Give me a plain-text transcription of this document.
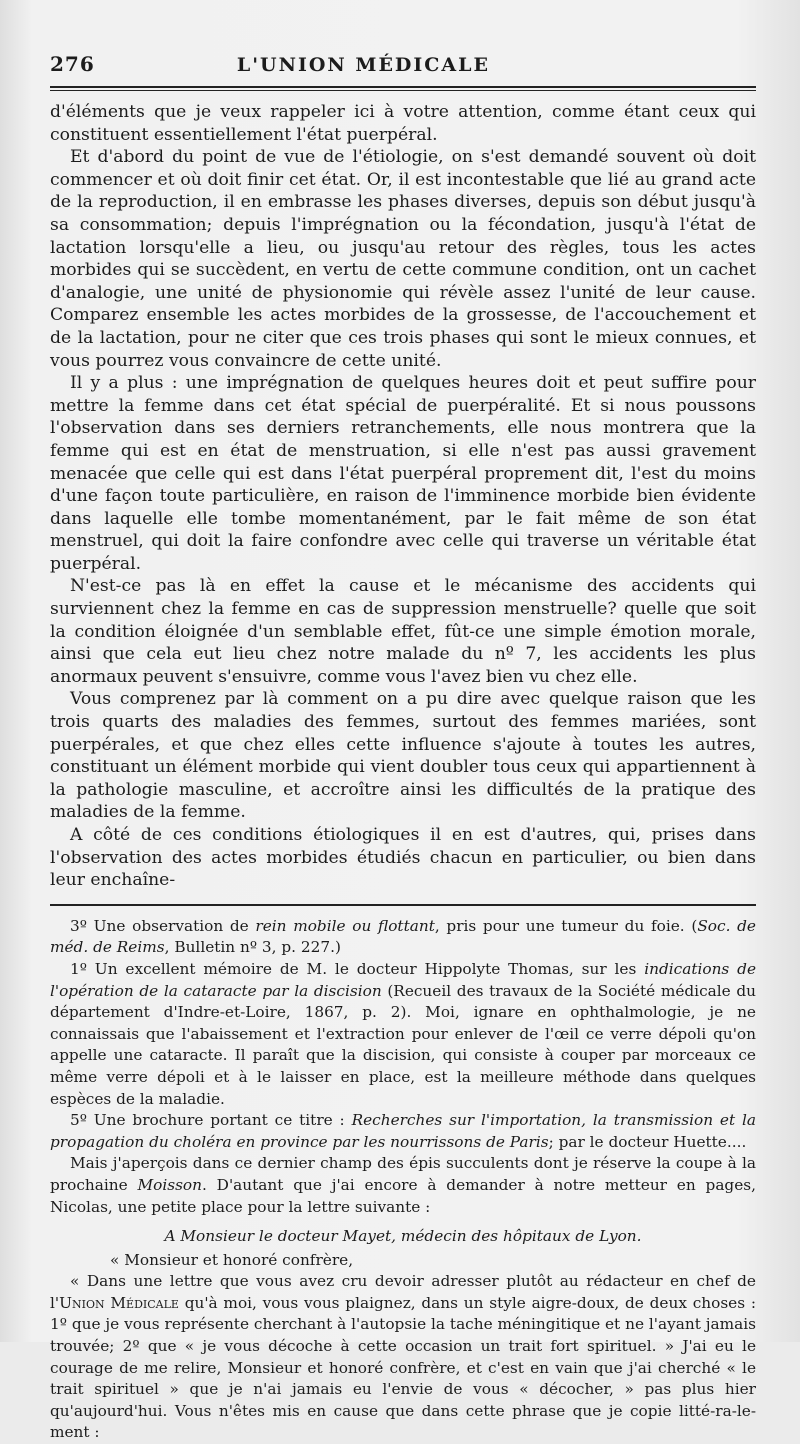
276	L'UNION MÉDICALE

d'éléments que je veux rappeler ici à votre attention, comme étant ceux qui constituent essentiellement l'état puerpéral.

Et d'abord du point de vue de l'étiologie, on s'est demandé souvent où doit commencer et où doit finir cet état. Or, il est incontestable que lié au grand acte de la reproduction, il en embrasse les phases diverses, depuis son début jusqu'à sa consommation; depuis l'imprégnation ou la fécondation, jusqu'à l'état de lactation lorsqu'elle a lieu, ou jusqu'au retour des règles, tous les actes morbides qui se succèdent, en vertu de cette commune condition, ont un cachet d'analogie, une unité de physionomie qui révèle assez l'unité de leur cause. Comparez ensemble les actes morbides de la grossesse, de l'accouchement et de la lactation, pour ne citer que ces trois phases qui sont le mieux connues, et vous pourrez vous convaincre de cette unité.

Il y a plus : une imprégnation de quelques heures doit et peut suffire pour mettre la femme dans cet état spécial de puerpéralité. Et si nous poussons l'observation dans ses derniers retranchements, elle nous montrera que la femme qui est en état de menstruation, si elle n'est pas aussi gravement menacée que celle qui est dans l'état puerpéral proprement dit, l'est du moins d'une façon toute particulière, en raison de l'imminence morbide bien évidente dans laquelle elle tombe momentanément, par le fait même de son état menstruel, qui doit la faire confondre avec celle qui traverse un véritable état puerpéral.

N'est-ce pas là en effet la cause et le mécanisme des accidents qui surviennent chez la femme en cas de suppression menstruelle? quelle que soit la condition éloignée d'un semblable effet, fût-ce une simple émotion morale, ainsi que cela eut lieu chez notre malade du nº 7, les accidents les plus anormaux peuvent s'ensuivre, comme vous l'avez bien vu chez elle.

Vous comprenez par là comment on a pu dire avec quelque raison que les trois quarts des maladies des femmes, surtout des femmes mariées, sont puerpérales, et que chez elles cette influence s'ajoute à toutes les autres, constituant un élément morbide qui vient doubler tous ceux qui appartiennent à la pathologie masculine, et accroître ainsi les difficultés de la pratique des maladies de la femme.

A côté de ces conditions étiologiques il en est d'autres, qui, prises dans l'observation des actes morbides étudiés chacun en particulier, ou bien dans leur enchaîne-

3º Une observation de rein mobile ou flottant, pris pour une tumeur du foie. (Soc. de méd. de Reims, Bulletin nº 3, p. 227.)

1º Un excellent mémoire de M. le docteur Hippolyte Thomas, sur les indications de l'opération de la cataracte par la discision (Recueil des travaux de la Société médicale du département d'Indre-et-Loire, 1867, p. 2). Moi, ignare en ophthalmologie, je ne connaissais que l'abaissement et l'extraction pour enlever de l'œil ce verre dépoli qu'on appelle une cataracte. Il paraît que la discision, qui consiste à couper par morceaux ce même verre dépoli et à le laisser en place, est la meilleure méthode dans quelques espèces de la maladie.

5º Une brochure portant ce titre : Recherches sur l'importation, la transmission et la propagation du choléra en province par les nourrissons de Paris; par le docteur Huette....

Mais j'aperçois dans ce dernier champ des épis succulents dont je réserve la coupe à la prochaine Moisson. D'autant que j'ai encore à demander à notre metteur en pages, Nicolas, une petite place pour la lettre suivante :

A Monsieur le docteur Mayet, médecin des hôpitaux de Lyon.

« Monsieur et honoré confrère,

« Dans une lettre que vous avez cru devoir adresser plutôt au rédacteur en chef de l'Union Médicale qu'à moi, vous vous plaignez, dans un style aigre-doux, de deux choses : 1º que je vous représente cherchant à l'autopsie la tache méningitique et ne l'ayant jamais trouvée; 2º que « je vous décoche à cette occasion un trait fort spirituel. » J'ai eu le courage de me relire, Monsieur et honoré confrère, et c'est en vain que j'ai cherché « le trait spirituel » que je n'ai jamais eu l'envie de vous « décocher, » pas plus hier qu'aujourd'hui. Vous n'êtes mis en cause que dans cette phrase que je copie litté-ra-le-ment :
